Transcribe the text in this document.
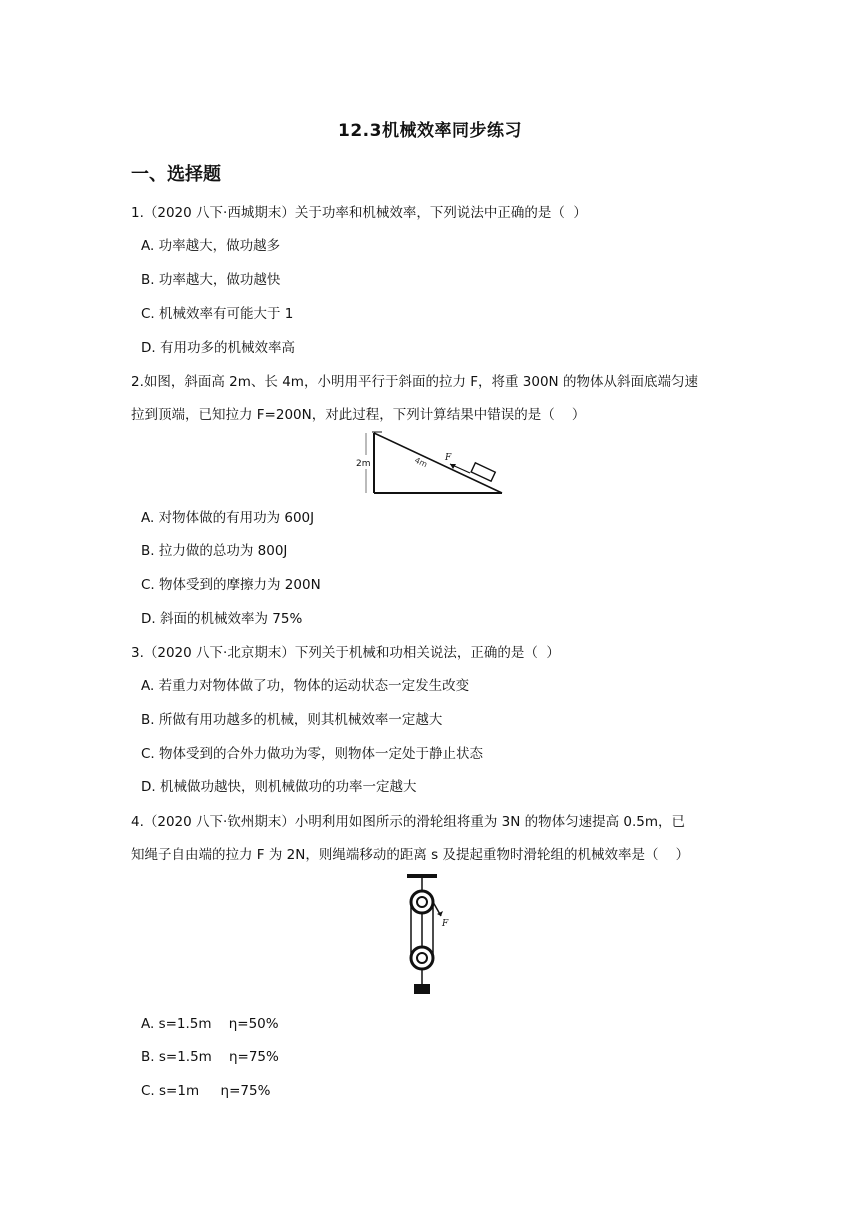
12.3机械效率同步练习
一、选择题
1.（2020 八下·西城期末）关于功率和机械效率，下列说法中正确的是（  ）
A. 功率越大，做功越多
B. 功率越大，做功越快
C. 机械效率有可能大于 1
D. 有用功多的机械效率高
2.如图，斜面高 2m、长 4m，小明用平行于斜面的拉力 F，将重 300N 的物体从斜面底端匀速
拉到顶端，已知拉力 F=200N，对此过程，下列计算结果中错误的是（    ）
2m	4m F
A. 对物体做的有用功为 600J
B. 拉力做的总功为 800J
C. 物体受到的摩擦力为 200N
D. 斜面的机械效率为 75%
3.（2020 八下·北京期末）下列关于机械和功相关说法，正确的是（  ）
A. 若重力对物体做了功，物体的运动状态一定发生改变
B. 所做有用功越多的机械，则其机械效率一定越大
C. 物体受到的合外力做功为零，则物体一定处于静止状态
D. 机械做功越快，则机械做功的功率一定越大
4.（2020 八下·钦州期末）小明利用如图所示的滑轮组将重为 3N 的物体匀速提高 0.5m，已
知绳子自由端的拉力 F 为 2N，则绳端移动的距离 s 及提起重物时滑轮组的机械效率是（    ）
F
A. s=1.5m    η=50%
B. s=1.5m    η=75%
C. s=1m     η=75%
